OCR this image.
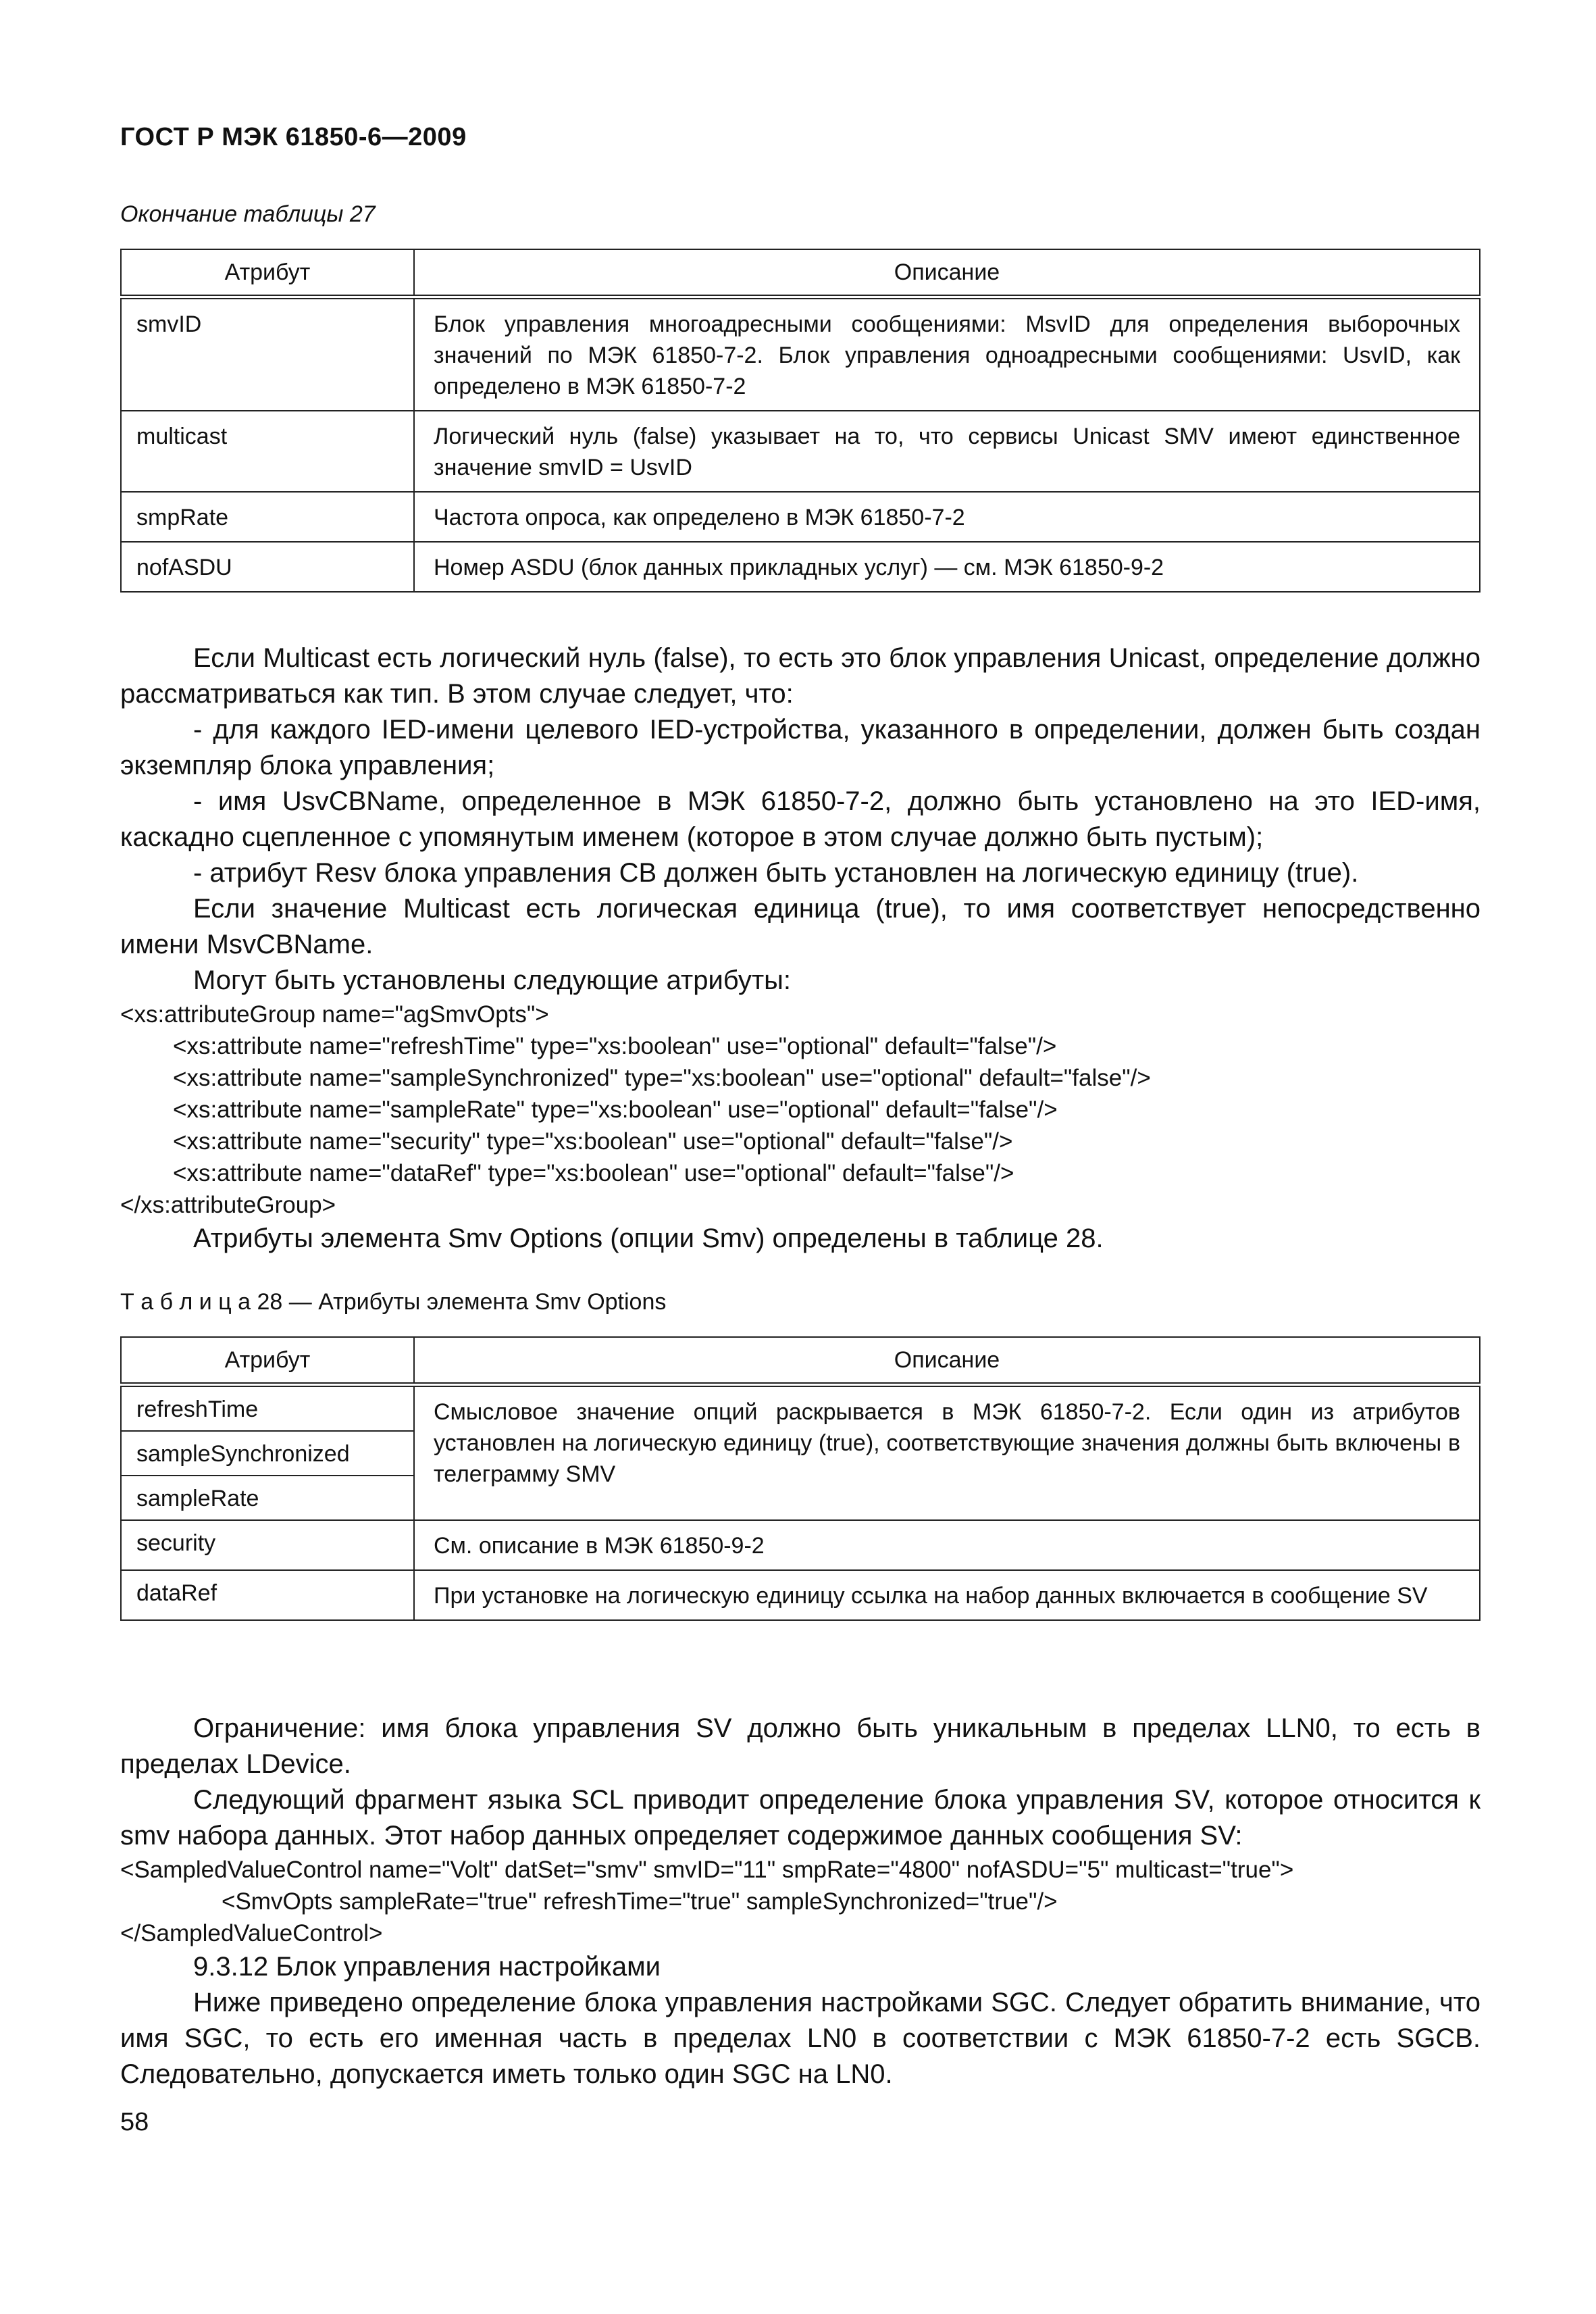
ГОСТ Р МЭК 61850-6—2009
Окончание таблицы 27
Атрибут	Описание
smvID	Блок управления многоадресными сообщениями: MsvID для определения выборочных значений по МЭК 61850-7-2. Блок управления одноадресными сообщениями: UsvID, как определено в МЭК 61850-7-2
multicast	Логический нуль (false) указывает на то, что сервисы Unicast SMV имеют единственное значение smvID = UsvID
smpRate	Частота опроса, как определено в МЭК 61850-7-2
nofASDU	Номер ASDU (блок данных прикладных услуг) — см. МЭК 61850-9-2

Если Multicast есть логический нуль (false), то есть это блок управления Unicast, определение должно рассматриваться как тип. В этом случае следует, что:

- для каждого IED-имени целевого IED-устройства, указанного в определении, должен быть создан экземпляр блока управления;

- имя UsvCBName, определенное в МЭК 61850-7-2, должно быть установлено на это IED-имя, каскадно сцепленное с упомянутым именем (которое в этом случае должно быть пустым);

- атрибут Resv блока управления СВ должен быть установлен на логическую единицу (true).

Если значение Multicast есть логическая единица (true), то имя соответствует непосредственно имени MsvCBName.

Могут быть установлены следующие атрибуты:

<xs:attributeGroup name="agSmvOpts">

<xs:attribute name="refreshTime" type="xs:boolean" use="optional" default="false"/>

<xs:attribute name="sampleSynchronized" type="xs:boolean" use="optional" default="false"/>

<xs:attribute name="sampleRate" type="xs:boolean" use="optional" default="false"/>

<xs:attribute name="security" type="xs:boolean" use="optional" default="false"/>

<xs:attribute name="dataRef" type="xs:boolean" use="optional" default="false"/>

</xs:attributeGroup>

Атрибуты элемента Smv Options (опции Smv) определены в таблице 28.

Т а б л и ц а 28 — Атрибуты элемента Smv Options
Атрибут	Описание
refreshTime	Смысловое значение опций раскрывается в МЭК 61850-7-2. Если один из атрибутов установлен на логическую единицу (true), соответствующие значения должны быть включены в телеграмму SMV
sampleSynchronized	
sampleRate	
security	См. описание в МЭК 61850-9-2
dataRef	При установке на логическую единицу ссылка на набор данных включается в сообщение SV

Ограничение: имя блока управления SV должно быть уникальным в пределах LLN0, то есть в пределах LDevice.

Следующий фрагмент языка SCL приводит определение блока управления SV, которое относится к smv набора данных. Этот набор данных определяет содержимое данных сообщения SV:

<SampledValueControl name="Volt" datSet="smv" smvID="11" smpRate="4800" nofASDU="5" multicast="true">

<SmvOpts sampleRate="true" refreshTime="true" sampleSynchronized="true"/>

</SampledValueControl>

9.3.12 Блок управления настройками

Ниже приведено определение блока управления настройками SGC. Следует обратить внимание, что имя SGC, то есть его именная часть в пределах LN0 в соответствии с МЭК 61850-7-2 есть SGCB. Следовательно, допускается иметь только один SGC на LN0.

58
